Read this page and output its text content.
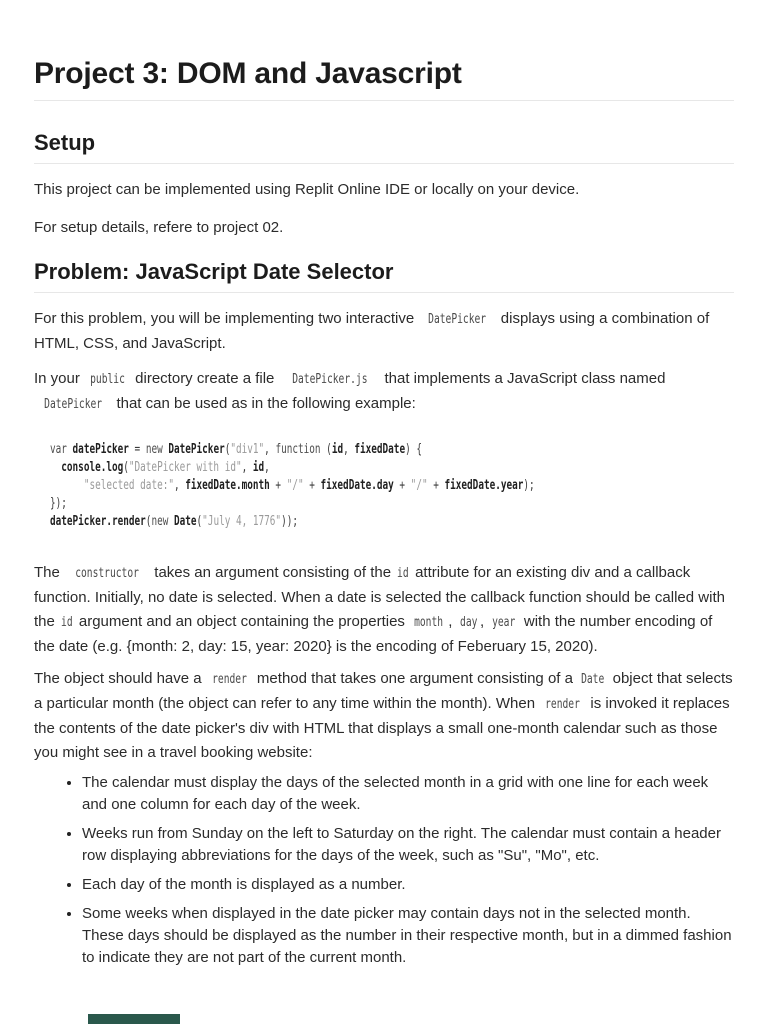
Project 3: DOM and Javascript
Setup

This project can be implemented using Replit Online IDE or locally on your device.

For setup details, refere to project 02.

Problem: JavaScript Date Selector

For this problem, you will be implementing two interactive DatePicker displays using a combination of HTML, CSS, and JavaScript.

In your public directory create a file DatePicker.js that implements a JavaScript class named DatePicker that can be used as in the following example:

var datePicker = new DatePicker("div1", function (id, fixedDate) {
console.log("DatePicker with id", id,
"selected date:", fixedDate.month + "/" + fixedDate.day + "/" + fixedDate.year);
});
datePicker.render(new Date("July 4, 1776"));

The constructor takes an argument consisting of the id attribute for an existing div and a callback function. Initially, no date is selected. When a date is selected the callback function should be called with the id argument and an object containing the properties month , day , year with the number encoding of the date (e.g. {month: 2, day: 15, year: 2020} is the encoding of Feberuary 15, 2020).

The object should have a render method that takes one argument consisting of a Date object that selects a particular month (the object can refer to any time within the month). When render is invoked it replaces the contents of the date picker's div with HTML that displays a small one-month calendar such as those you might see in a travel booking website:

• The calendar must display the days of the selected month in a grid with one line for each week and one column for each day of the week.
• Weeks run from Sunday on the left to Saturday on the right. The calendar must contain a header row displaying abbreviations for the days of the week, such as "Su", "Mo", etc.
• Each day of the month is displayed as a number.
• Some weeks when displayed in the date picker may contain days not in the selected month. These days should be displayed as the number in their respective month, but in a dimmed fashion to indicate they are not part of the current month.
